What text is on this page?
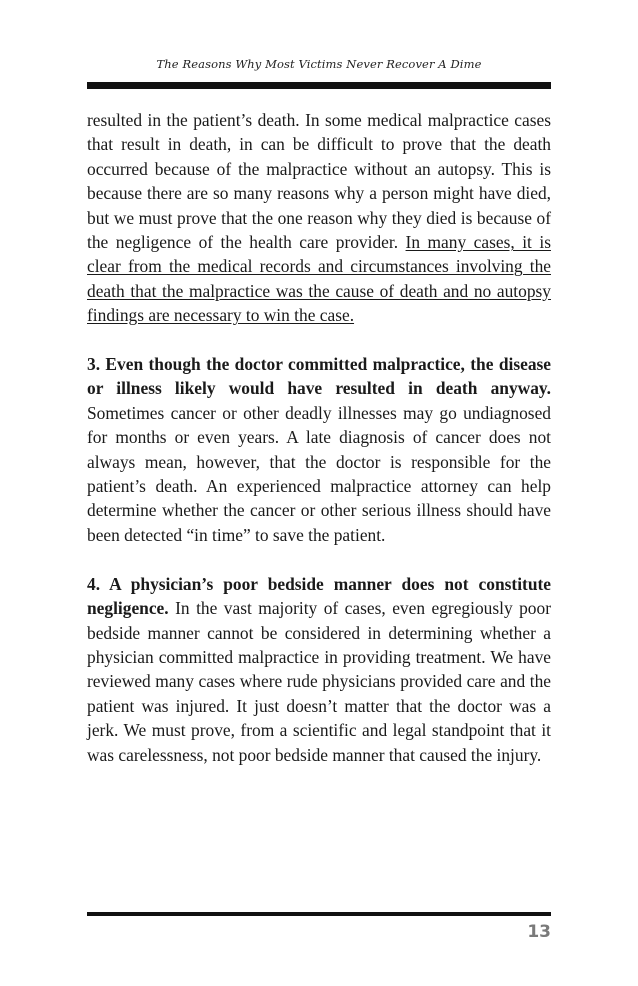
The Reasons Why Most Victims Never Recover A Dime

resulted in the patient’s death. In some medical malpractice cases that result in death, in can be difficult to prove that the death occurred because of the malpractice without an autopsy. This is because there are so many reasons why a person might have died, but we must prove that the one reason why they died is because of the negligence of the health care provider. In many cases, it is clear from the medical records and circumstances involving the death that the malpractice was the cause of death and no autopsy findings are necessary to win the case.

3. Even though the doctor committed malpractice, the disease or illness likely would have resulted in death anyway. Sometimes cancer or other deadly illnesses may go undiagnosed for months or even years. A late diagnosis of cancer does not always mean, however, that the doctor is responsible for the patient’s death. An experienced malpractice attorney can help determine whether the cancer or other serious illness should have been detected “in time” to save the patient.

4. A physician’s poor bedside manner does not constitute negligence. In the vast majority of cases, even egregiously poor bedside manner cannot be considered in determining whether a physician committed malpractice in providing treatment. We have reviewed many cases where rude physicians provided care and the patient was injured. It just doesn’t matter that the doctor was a jerk. We must prove, from a scientific and legal standpoint that it was carelessness, not poor bedside manner that caused the injury.

13
